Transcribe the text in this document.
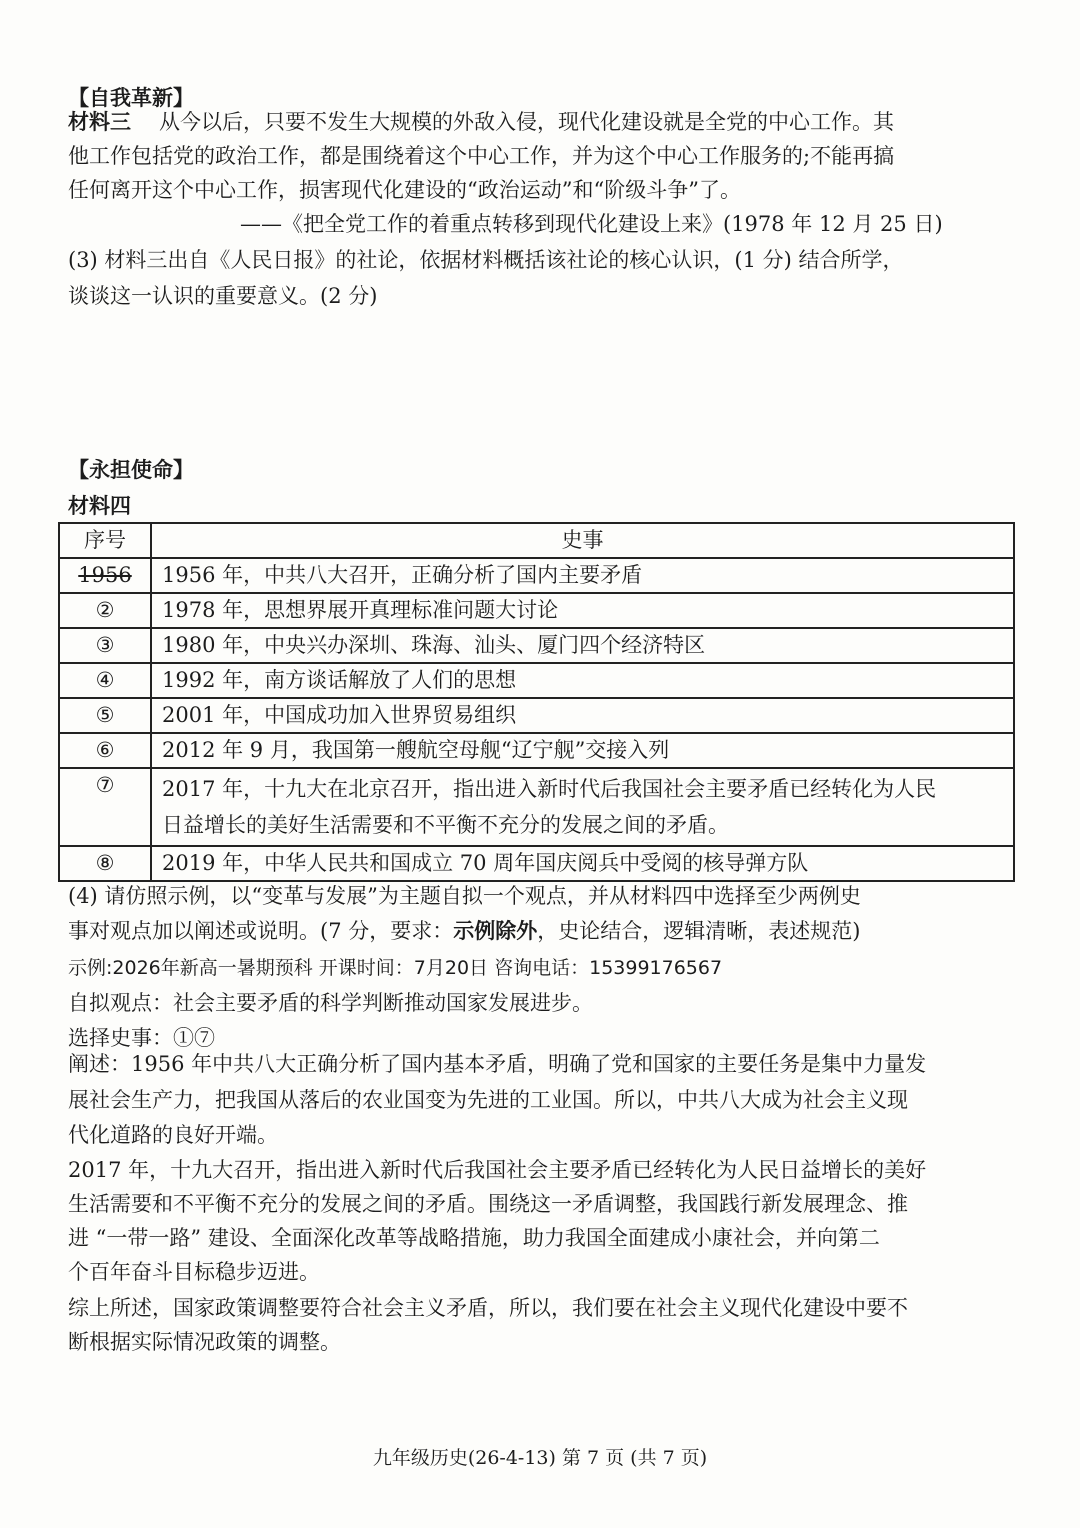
【自我革新】
材料三 从今以后，只要不发生大规模的外敌入侵，现代化建设就是全党的中心工作。其
他工作包括党的政治工作，都是围绕着这个中心工作，并为这个中心工作服务的;不能再搞
任何离开这个中心工作，损害现代化建设的“政治运动”和“阶级斗争”了。
——《把全党工作的着重点转移到现代化建设上来》(1978 年 12 月 25 日)
(3) 材料三出自《人民日报》的社论，依据材料概括该社论的核心认识，(1 分) 结合所学，
谈谈这一认识的重要意义。(2 分)
【永担使命】
材料四
序号	史事
1956	1956 年，中共八大召开，正确分析了国内主要矛盾
②	1978 年，思想界展开真理标准问题大讨论
③	1980 年，中央兴办深圳、珠海、汕头、厦门四个经济特区
④	1992 年，南方谈话解放了人们的思想
⑤	2001 年，中国成功加入世界贸易组织
⑥	2012 年 9 月，我国第一艘航空母舰“辽宁舰”交接入列
⑦	2017 年，十九大在北京召开，指出进入新时代后我国社会主要矛盾已经转化为人民
日益增长的美好生活需要和不平衡不充分的发展之间的矛盾。

⑧	2019 年，中华人民共和国成立 70 周年国庆阅兵中受阅的核导弹方队
(4) 请仿照示例，以“变革与发展”为主题自拟一个观点，并从材料四中选择至少两例史
事对观点加以阐述或说明。(7 分，要求：示例除外，史论结合，逻辑清晰，表述规范)
示例:2026年新高一暑期预科 开课时间：7月20日 咨询电话：15399176567
自拟观点：社会主要矛盾的科学判断推动国家发展进步。
选择史事：①⑦
阐述：1956 年中共八大正确分析了国内基本矛盾，明确了党和国家的主要任务是集中力量发
展社会生产力，把我国从落后的农业国变为先进的工业国。所以，中共八大成为社会主义现
代化道路的良好开端。
2017 年，十九大召开，指出进入新时代后我国社会主要矛盾已经转化为人民日益增长的美好
生活需要和不平衡不充分的发展之间的矛盾。围绕这一矛盾调整，我国践行新发展理念、推
进 “一带一路” 建设、全面深化改革等战略措施，助力我国全面建成小康社会，并向第二
个百年奋斗目标稳步迈进。
综上所述，国家政策调整要符合社会主义矛盾，所以，我们要在社会主义现代化建设中要不
断根据实际情况政策的调整。
九年级历史(26-4-13) 第 7 页 (共 7 页)
